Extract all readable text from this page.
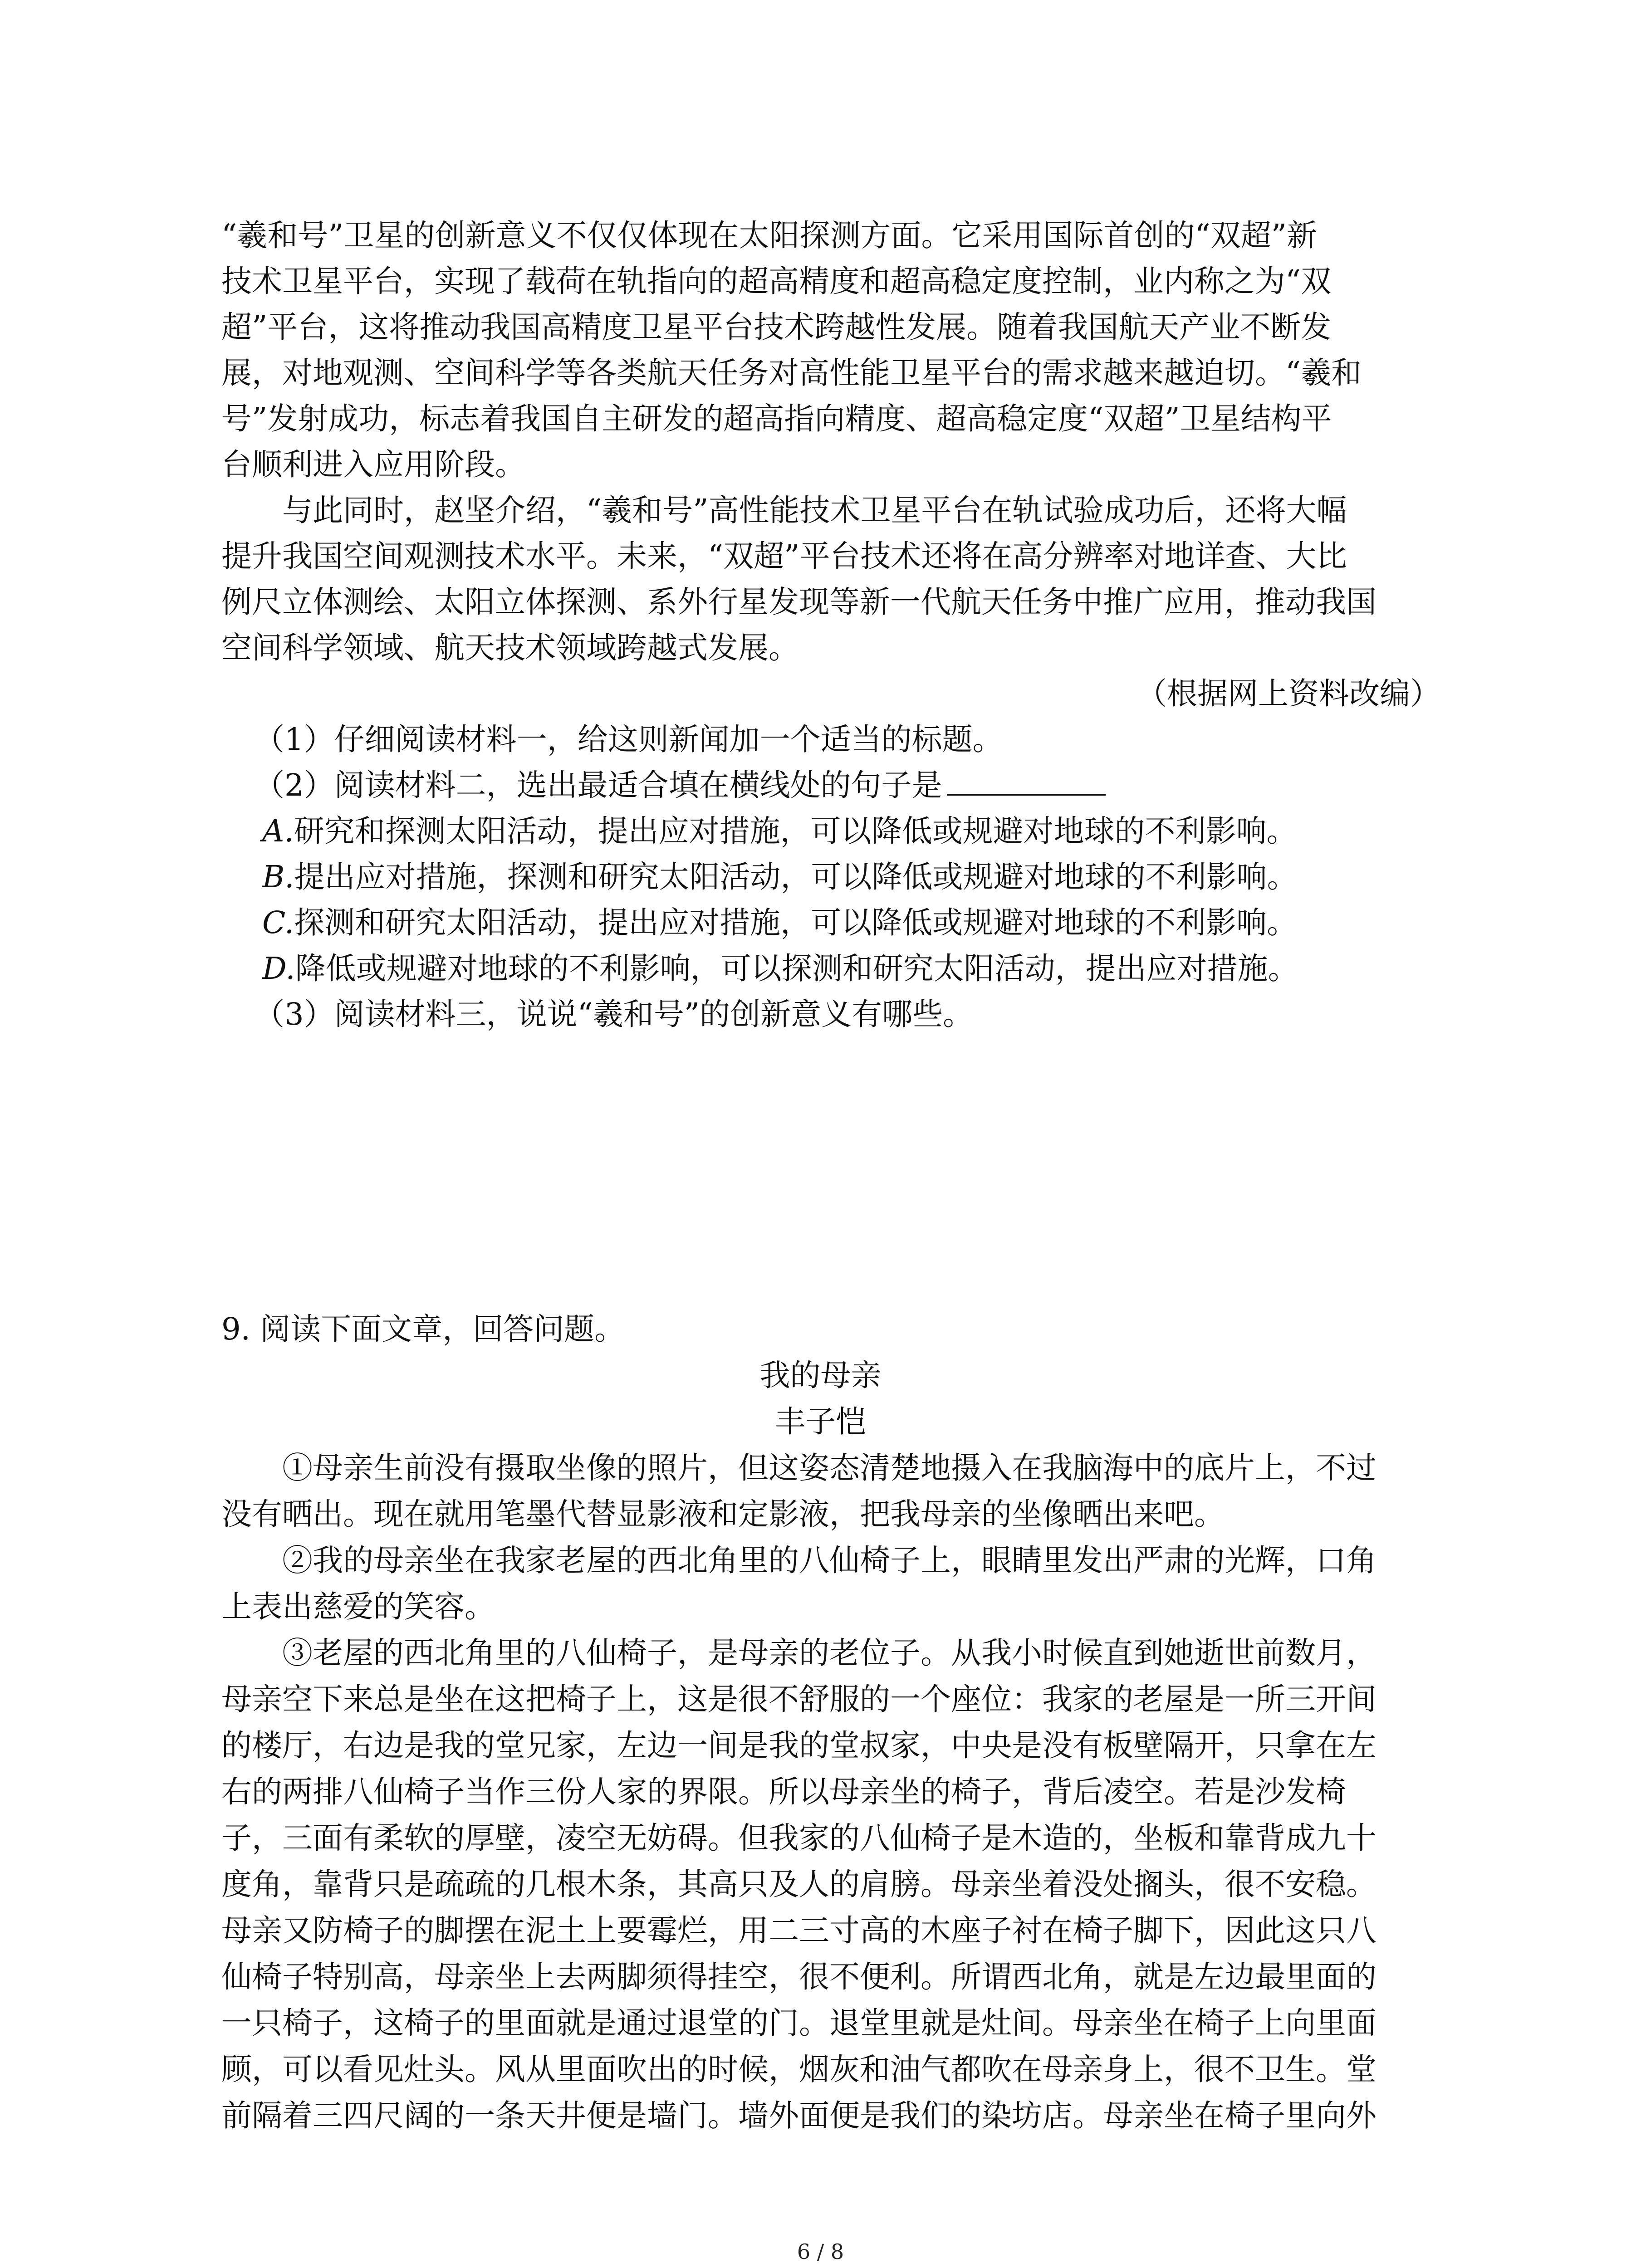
“羲和号”卫星的创新意义不仅仅体现在太阳探测方面。它采用国际首创的“双超”新
技术卫星平台，实现了载荷在轨指向的超高精度和超高稳定度控制，业内称之为“双
超”平台，这将推动我国高精度卫星平台技术跨越性发展。随着我国航天产业不断发
展，对地观测、空间科学等各类航天任务对高性能卫星平台的需求越来越迫切。“羲和
号”发射成功，标志着我国自主研发的超高指向精度、超高稳定度“双超”卫星结构平
台顺利进入应用阶段。
与此同时，赵坚介绍，“羲和号”高性能技术卫星平台在轨试验成功后，还将大幅
提升我国空间观测技术水平。未来，“双超”平台技术还将在高分辨率对地详查、大比
例尺立体测绘、太阳立体探测、系外行星发现等新一代航天任务中推广应用，推动我国
空间科学领域、航天技术领域跨越式发展。
（根据网上资料改编）
（1）仔细阅读材料一，给这则新闻加一个适当的标题。
（2）阅读材料二，选出最适合填在横线处的句子是
A.研究和探测太阳活动，提出应对措施，可以降低或规避对地球的不利影响。
B.提出应对措施，探测和研究太阳活动，可以降低或规避对地球的不利影响。
C.探测和研究太阳活动，提出应对措施，可以降低或规避对地球的不利影响。
D.降低或规避对地球的不利影响，可以探测和研究太阳活动，提出应对措施。
（3）阅读材料三，说说“羲和号”的创新意义有哪些。
9. 阅读下面文章，回答问题。
我的母亲
丰子恺
①母亲生前没有摄取坐像的照片，但这姿态清楚地摄入在我脑海中的底片上，不过
没有晒出。现在就用笔墨代替显影液和定影液，把我母亲的坐像晒出来吧。
②我的母亲坐在我家老屋的西北角里的八仙椅子上，眼睛里发出严肃的光辉，口角
上表出慈爱的笑容。
③老屋的西北角里的八仙椅子，是母亲的老位子。从我小时候直到她逝世前数月，
母亲空下来总是坐在这把椅子上，这是很不舒服的一个座位：我家的老屋是一所三开间
的楼厅，右边是我的堂兄家，左边一间是我的堂叔家，中央是没有板壁隔开，只拿在左
右的两排八仙椅子当作三份人家的界限。所以母亲坐的椅子，背后凌空。若是沙发椅
子，三面有柔软的厚壁，凌空无妨碍。但我家的八仙椅子是木造的，坐板和靠背成九十
度角，靠背只是疏疏的几根木条，其高只及人的肩膀。母亲坐着没处搁头，很不安稳。
母亲又防椅子的脚摆在泥土上要霉烂，用二三寸高的木座子衬在椅子脚下，因此这只八
仙椅子特别高，母亲坐上去两脚须得挂空，很不便利。所谓西北角，就是左边最里面的
一只椅子，这椅子的里面就是通过退堂的门。退堂里就是灶间。母亲坐在椅子上向里面
顾，可以看见灶头。风从里面吹出的时候，烟灰和油气都吹在母亲身上，很不卫生。堂
前隔着三四尺阔的一条天井便是墙门。墙外面便是我们的染坊店。母亲坐在椅子里向外
6 / 8
